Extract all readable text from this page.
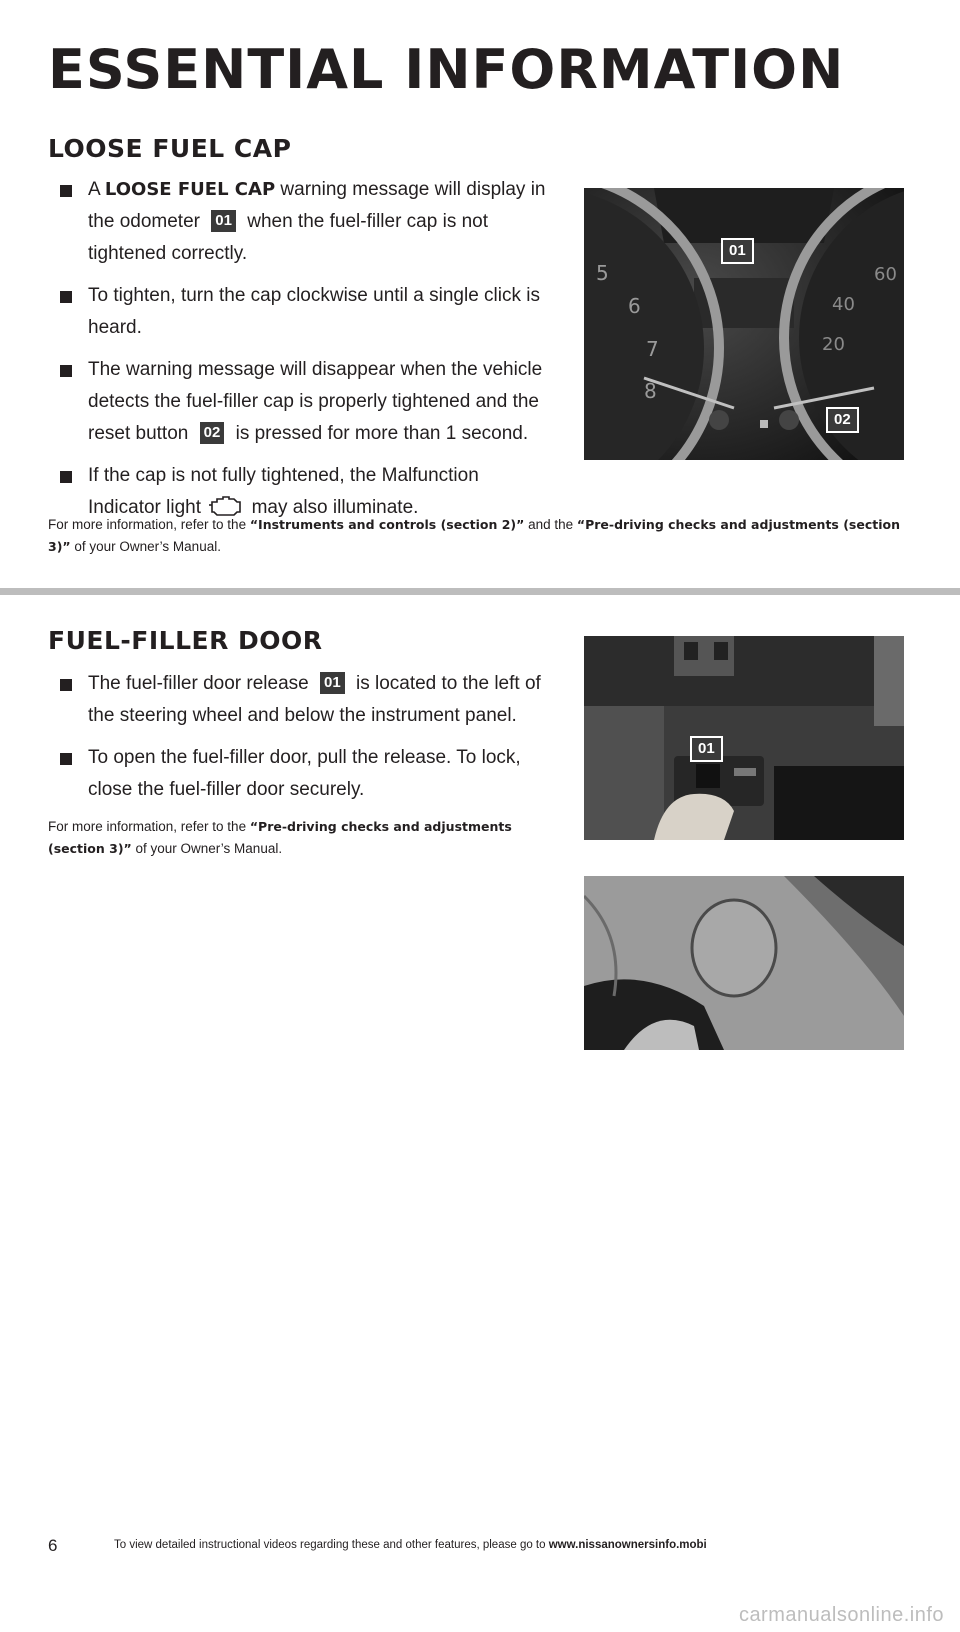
ESSENTIAL INFORMATION
LOOSE FUEL CAP
A LOOSE FUEL CAP warning message will display in the odometer 01 when the fuel-filler cap is not tightened correctly.
To tighten, turn the cap clockwise until a single click is heard.
The warning message will disappear when the vehicle detects the fuel-filler cap is properly tightened and the reset button 02 is pressed for more than 1 second.
If the cap is not fully tightened, the Malfunction Indicator light  may also illuminate.
For more information, refer to the “Instruments and controls (section 2)” and the “Pre-driving checks and adjustments (section 3)” of your Owner’s Manual.
5
6
7
8
60
40
20
01
02
FUEL-FILLER DOOR
The fuel-filler door release 01 is located to the left of the steering wheel and below the instrument panel.
To open the fuel-filler door, pull the release. To lock, close the fuel-filler door securely.
For more information, refer to the “Pre-driving checks and adjustments (section 3)” of your Owner’s Manual.
01
6	To view detailed instructional videos regarding these and other features, please go to www.nissanownersinfo.mobi
carmanualsonline.info
